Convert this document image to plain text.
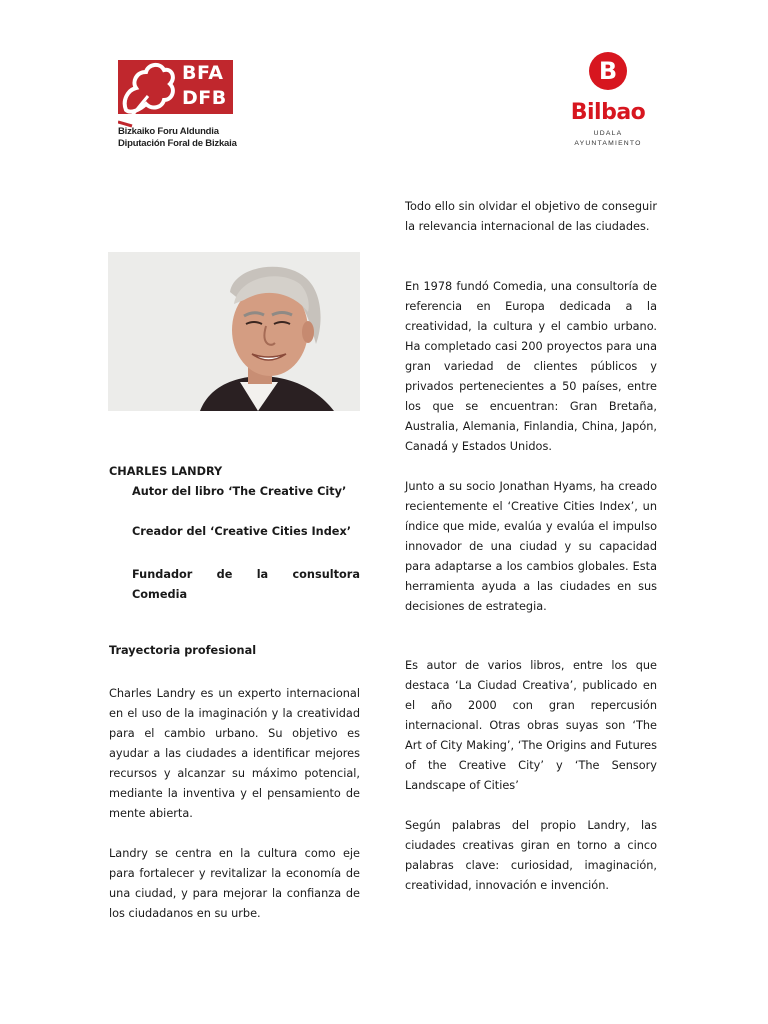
BFA
DFB
Bizkaiko Foru Aldundia
Diputación Foral de Bizkaia
B
Bilbao
UDALA
AYUNTAMIENTO
CHARLES LANDRY
Autor del libro ‘The Creative City’
Creador del ‘Creative Cities Index’
Fundador de la consultora
Comedia
Trayectoria profesional

Charles Landry es un experto internacional en el uso de la imaginación y la creatividad para el cambio urbano. Su objetivo es ayudar a las ciudades a identificar mejores recursos y alcanzar su máximo potencial, mediante la inventiva y el pensamiento de mente abierta.

Landry se centra en la cultura como eje para fortalecer y revitalizar la economía de una ciudad, y para mejorar la confianza de los ciudadanos en su urbe.

Todo ello sin olvidar el objetivo de conseguir la relevancia internacional de las ciudades.

En 1978 fundó Comedia, una consultoría de referencia en Europa dedicada a la creatividad, la cultura y el cambio urbano. Ha completado casi 200 proyectos para una gran variedad de clientes públicos y privados pertenecientes a 50 países, entre los que se encuentran: Gran Bretaña, Australia, Alemania, Finlandia, China, Japón, Canadá y Estados Unidos.

Junto a su socio Jonathan Hyams, ha creado recientemente el ‘Creative Cities Index’, un índice que mide, evalúa y evalúa el impulso innovador de una ciudad y su capacidad para adaptarse a los cambios globales. Esta herramienta ayuda a las ciudades en sus decisiones de estrategia.

Es autor de varios libros, entre los que destaca ‘La Ciudad Creativa’, publicado en el año 2000 con gran repercusión internacional. Otras obras suyas son ‘The Art of City Making’, ‘The Origins and Futures of the Creative City’ y ‘The Sensory Landscape of Cities’

Según palabras del propio Landry, las ciudades creativas giran en torno a cinco palabras clave: curiosidad, imaginación, creatividad, innovación e invención.
